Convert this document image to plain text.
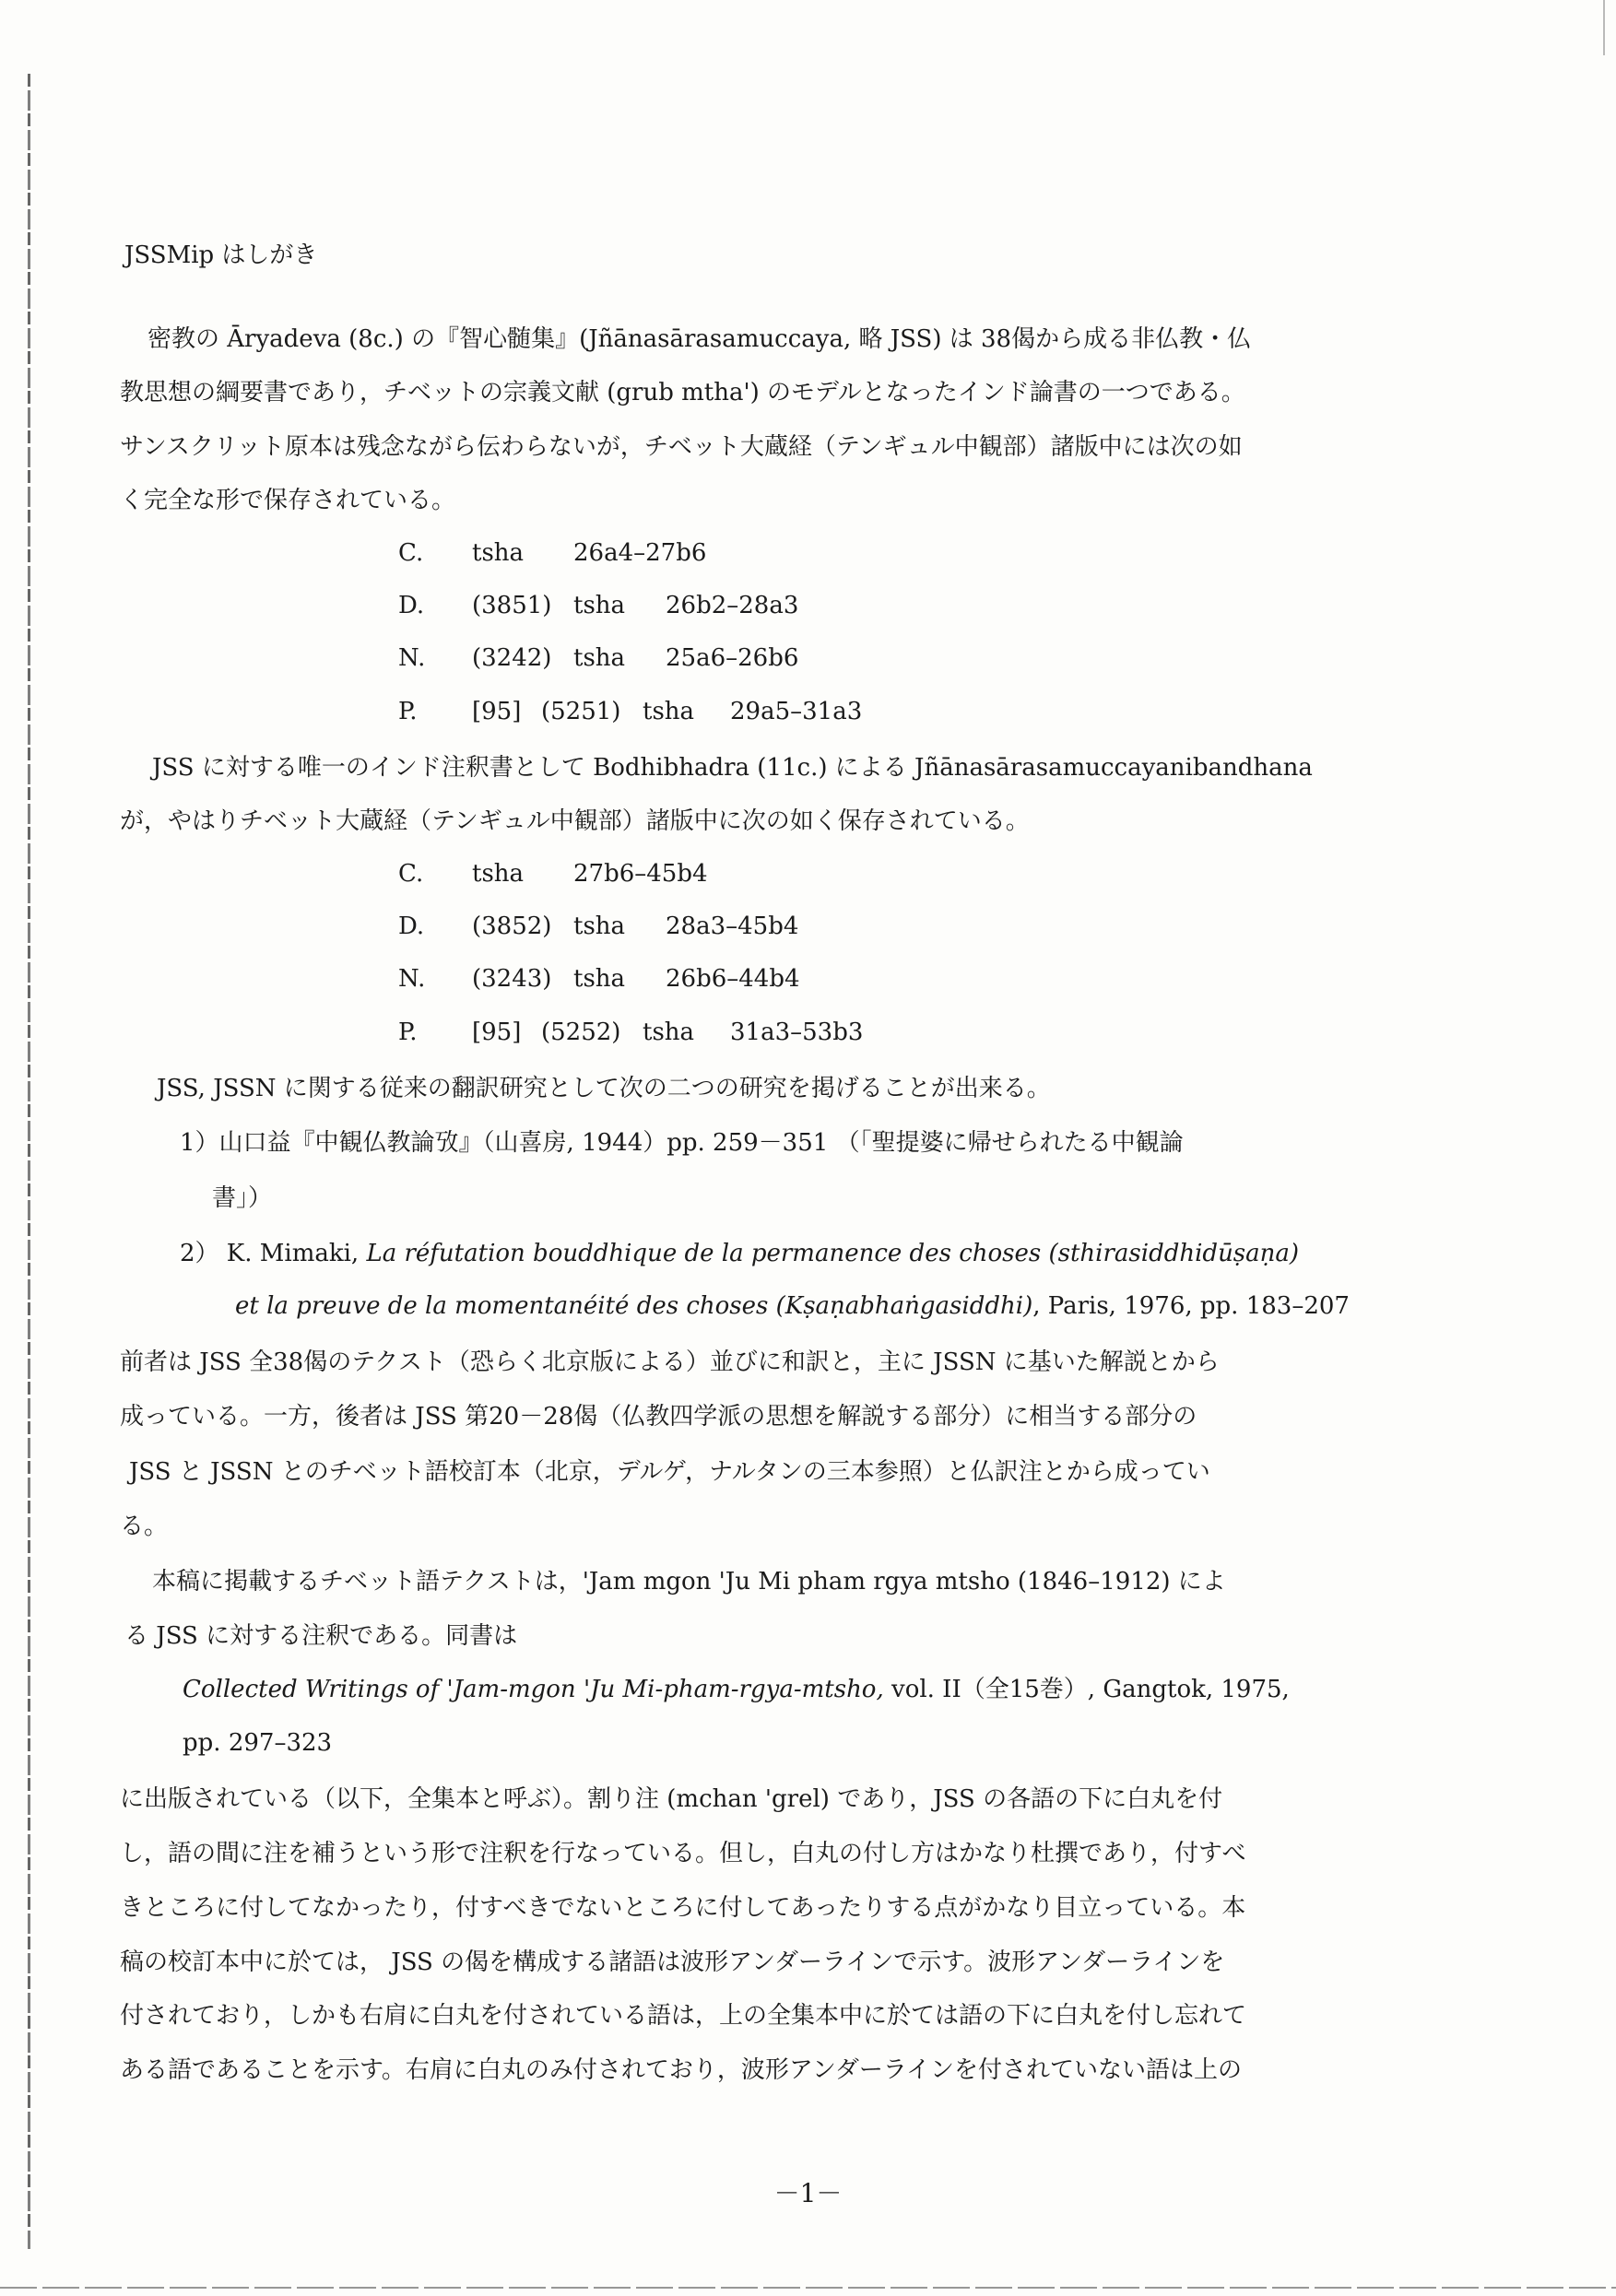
JSSMip はしがき
密教の Āryadeva (8c.) の『智心髄集』(Jñānasārasamuccaya, 略 JSS) は 38偈から成る非仏教・仏
教思想の綱要書であり，チベットの宗義文献 (grub mtha') のモデルとなったインド論書の一つである。
サンスクリット原本は残念ながら伝わらないが，チベット大蔵経（テンギュル中観部）諸版中には次の如
く完全な形で保存されている。
C. tsha 26a4–27b6
D. (3851) tsha 26b2–28a3
N. (3242) tsha 25a6–26b6
P. [95] (5251) tsha 29a5–31a3
JSS に対する唯一のインド注釈書として Bodhibhadra (11c.) による Jñānasārasamuccayanibandhana
が，やはりチベット大蔵経（テンギュル中観部）諸版中に次の如く保存されている。
C. tsha 27b6–45b4
D. (3852) tsha 28a3–45b4
N. (3243) tsha 26b6–44b4
P. [95] (5252) tsha 31a3–53b3
JSS, JSSN に関する従来の翻訳研究として次の二つの研究を掲げることが出来る。
1）山口益『中観仏教論攷』（山喜房, 1944）pp. 259－351 （「聖提婆に帰せられたる中観論
書」）
2） K. Mimaki, La réfutation bouddhique de la permanence des choses (sthirasiddhidūṣaṇa)
et la preuve de la momentanéité des choses (Kṣaṇabhaṅgasiddhi), Paris, 1976, pp. 183–207
前者は JSS 全38偈のテクスト（恐らく北京版による）並びに和訳と，主に JSSN に基いた解説とから
成っている。一方，後者は JSS 第20－28偈（仏教四学派の思想を解説する部分）に相当する部分の
JSS と JSSN とのチベット語校訂本（北京，デルゲ，ナルタンの三本参照）と仏訳注とから成ってい
る。
本稿に掲載するチベット語テクストは，'Jam mgon 'Ju Mi pham rgya mtsho (1846–1912) によ
る JSS に対する注釈である。同書は
Collected Writings of 'Jam-mgon 'Ju Mi-pham-rgya-mtsho, vol. II（全15巻）, Gangtok, 1975,
pp. 297–323
に出版されている（以下，全集本と呼ぶ）。割り注 (mchan 'grel) であり，JSS の各語の下に白丸を付
し，語の間に注を補うという形で注釈を行なっている。但し，白丸の付し方はかなり杜撰であり，付すべ
きところに付してなかったり，付すべきでないところに付してあったりする点がかなり目立っている。本
稿の校訂本中に於ては， JSS の偈を構成する諸語は波形アンダーラインで示す。波形アンダーラインを
付されており，しかも右肩に白丸を付されている語は，上の全集本中に於ては語の下に白丸を付し忘れて
ある語であることを示す。右肩に白丸のみ付されており，波形アンダーラインを付されていない語は上の
－1－
